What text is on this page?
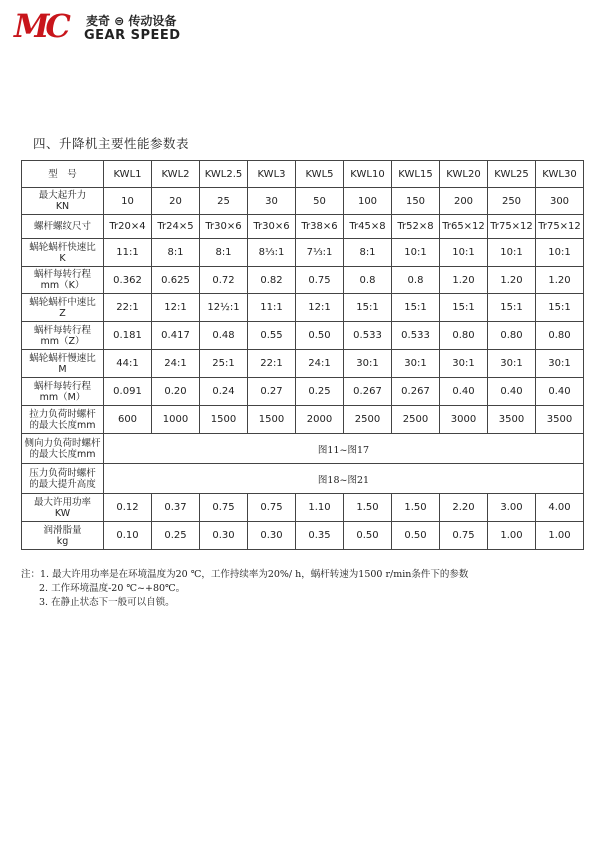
MC 麦奇 ⊜ 传动设备
GEAR SPEED
四、升降机主要性能参数表
型　号	KWL1	KWL2	KWL2.5	KWL3	KWL5	KWL10	KWL15	KWL20	KWL25	KWL30
最大起升力
KN	10	20	25	30	50	100	150	200	250	300
螺杆螺纹尺寸	Tr20×4	Tr24×5	Tr30×6	Tr30×6	Tr38×6	Tr45×8	Tr52×8	Tr65×12	Tr75×12	Tr75×12
蜗轮蜗杆快速比
K	11:1	8:1	8:1	8⅓:1	7⅓:1	8:1	10:1	10:1	10:1	10:1
蜗杆每转行程
mm（K）	0.362	0.625	0.72	0.82	0.75	0.8	0.8	1.20	1.20	1.20
蜗轮蜗杆中速比
Z	22:1	12:1	12½:1	11:1	12:1	15:1	15:1	15:1	15:1	15:1
蜗杆每转行程
mm（Z）	0.181	0.417	0.48	0.55	0.50	0.533	0.533	0.80	0.80	0.80
蜗轮蜗杆慢速比
M	44:1	24:1	25:1	22:1	24:1	30:1	30:1	30:1	30:1	30:1
蜗杆每转行程
mm（M）	0.091	0.20	0.24	0.27	0.25	0.267	0.267	0.40	0.40	0.40
拉力负荷时螺杆
的最大长度mm	600	1000	1500	1500	2000	2500	2500	3000	3500	3500
侧向力负荷时螺杆
的最大长度mm	图11~图17									
压力负荷时螺杆
的最大提升高度	图18~图21									
最大许用功率
KW	0.12	0.37	0.75	0.75	1.10	1.50	1.50	2.20	3.00	4.00
润滑脂量
kg	0.10	0.25	0.30	0.30	0.35	0.50	0.50	0.75	1.00	1.00
注：1. 最大许用功率是在环境温度为20 ℃，工作持续率为20%/ h，蜗杆转速为1500 r/min条件下的参数
2. 工作环境温度-20 ℃~+80℃。
3. 在静止状态下一般可以自锁。
